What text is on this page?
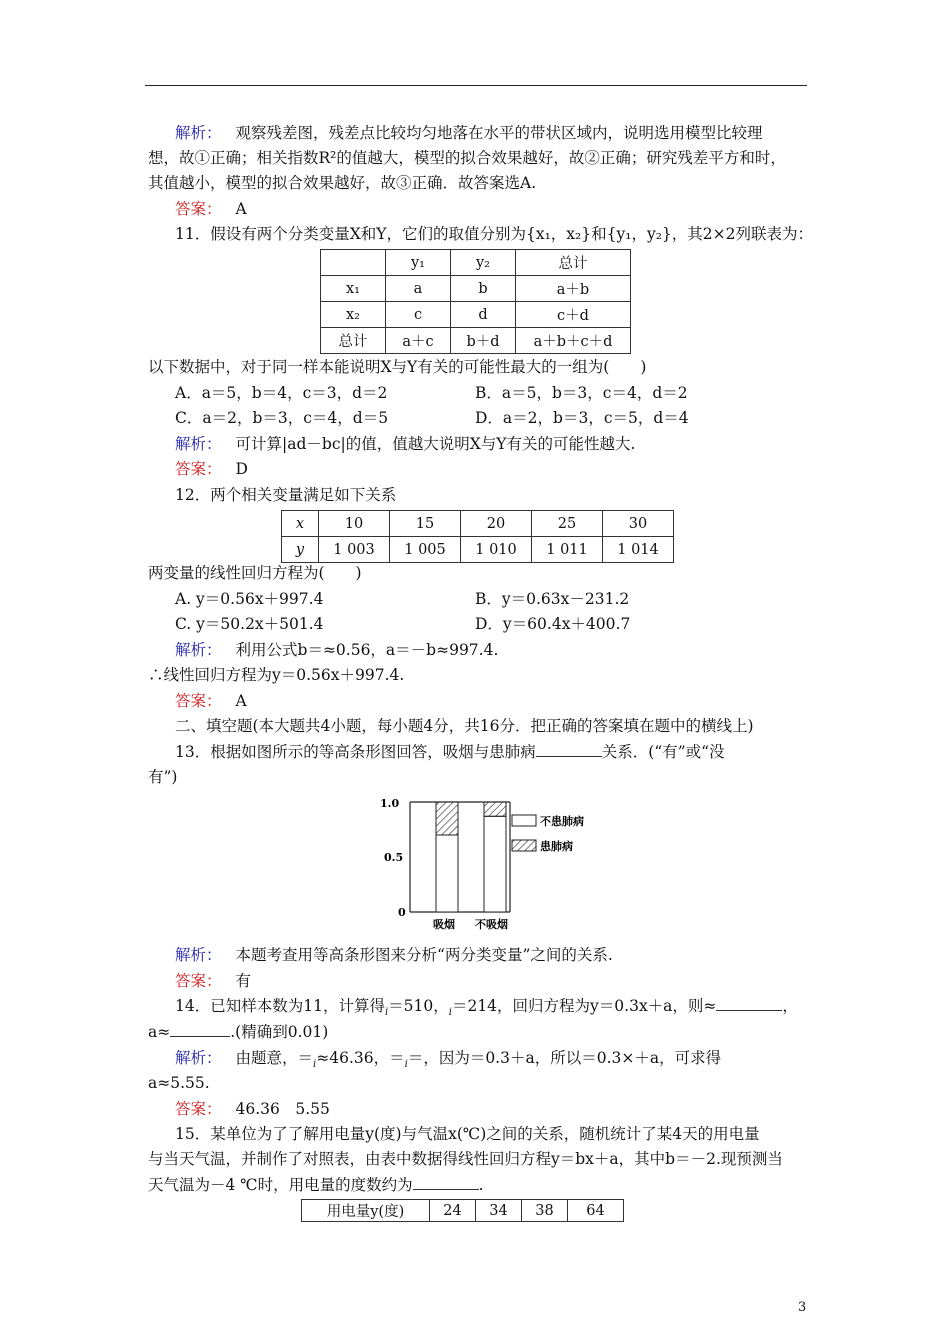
解析： 观察残差图，残差点比较均匀地落在水平的带状区域内，说明选用模型比较理
想，故①正确；相关指数R²的值越大，模型的拟合效果越好，故②正确；研究残差平方和时，
其值越小，模型的拟合效果越好，故③正确．故答案选A.
答案： A
11．假设有两个分类变量X和Y，它们的取值分别为{x₁，x₂}和{y₁，y₂}，其2×2列联表为：
	y₁	y₂	总计
x₁	a	b	a＋b
x₂	c	d	c＋d
总计	a＋c	b＋d	a＋b＋c＋d
以下数据中，对于同一样本能说明X与Y有关的可能性最大的一组为(　　)
A．a＝5，b＝4，c＝3，d＝2	B．a＝5，b＝3，c＝4，d＝2
C．a＝2，b＝3，c＝4，d＝5	D．a＝2，b＝3，c＝5，d＝4
解析： 可计算|ad－bc|的值，值越大说明X与Y有关的可能性越大.
答案： D
12．两个相关变量满足如下关系
x	10	15	20	25	30
y	1 003	1 005	1 010	1 011	1 014
两变量的线性回归方程为(　　)
A. y＝0.56x＋997.4	B．y＝0.63x－231.2
C. y＝50.2x＋501.4	D．y＝60.4x＋400.7
解析： 利用公式b＝≈0.56，a＝－b≈997.4.
∴线性回归方程为y＝0.56x＋997.4.
答案： A
二、填空题(本大题共4小题，每小题4分，共16分．把正确的答案填在题中的横线上)
13．根据如图所示的等高条形图回答，吸烟与患肺病	关系．(“有”或“没
有”)
1.0
0.5
0
吸烟 不吸烟
不患肺病
患肺病
解析： 本题考查用等高条形图来分析“两分类变量”之间的关系.
答案： 有
14．已知样本数为11，计算得$_i$＝510，$_i$＝214，回归方程为y＝0.3x＋a，则≈	，
a≈	.(精确到0.01)
解析： 由题意，$=_i\approx 46.36$，$=_i=$，因为＝0.3＋a，所以＝0.3×＋a，可求得
a≈5.55.
答案： 46.36　5.55
15．某单位为了了解用电量y(度)与气温x(℃)之间的关系，随机统计了某4天的用电量
与当天气温，并制作了对照表，由表中数据得线性回归方程y＝bx＋a，其中b＝－2.现预测当
天气温为－4 ℃时，用电量的度数约为	.
用电量y(度)	24	34	38	64
3
